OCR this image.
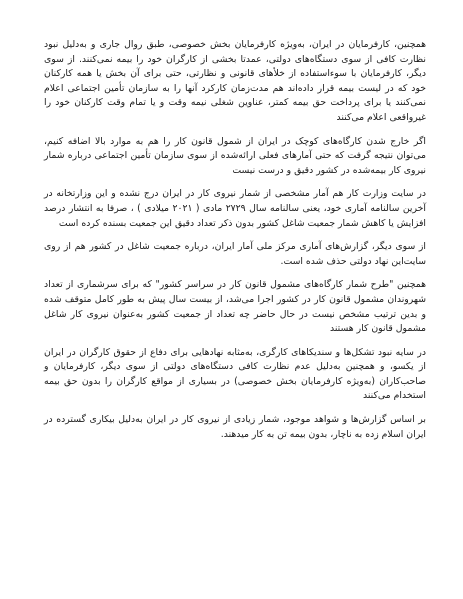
همچنین، کارفرمایان در ایران، به‌ویژه کارفرمایان بخش خصوصی، طبق روال جاری و به‌دلیل نبود نظارت کافی از سوی دستگاه‌های دولتی، عمدتا بخشی از کارگران خود را بیمه نمی‌کنند. از سوی دیگر، کارفرمایان با سوءاستفاده از خلأهای قانونی و نظارتی، حتی برای آن بخش یا همه کارکنان خود که در لیست بیمه قرار داده‌اند هم مدت‌زمان کارکرد آنها را به سازمان تأمین اجتماعی اعلام نمی‌کنند یا برای پرداخت حق بیمه کمتر، عناوین شغلی نیمه وقت و یا تمام وقت کارکنان خود را غیرواقعی اعلام می‌کنند

اگر خارج شدن کارگاه‌های کوچک در ایران از شمول قانون کار را هم به موارد بالا اضافه کنیم، می‌توان نتیجه گرفت که حتی آمارهای فعلی ارائه‌شده از سوی سازمان تأمین اجتماعی درباره شمار نیروی کار بیمه‌شده در کشور دقیق و درست نیست

در سایت وزارت کار هم آمار مشخصی از شمار نیروی کار در ایران درج نشده و این وزارتخانه در آخرین سالنامه آماری خود، یعنی سالنامه سال ۲۷۲۹ ماد‌ی ( ۲۰۲۱ میلادی ) ، صرفا به انتشار درصد افزایش یا کاهش شمار جمعیت شاغل کشور بدون ذکر تعداد دقیق این جمعیت بسنده کرده است

از سوی دیگر، گزارش‌های آماری مرکز ملی آمار ایران، درباره جمعیت شاغل در کشور هم از روی سایت‌این نهاد دولتی حذف شده است.

همچنین "طرح شمار کارگاه‌های مشمول قانون کار در سراسر کشور" که برای سرشماری از تعداد شهروندان مشمول قانون کار در کشور اجرا می‌شد، از بیست سال پیش به طور کامل متوقف شده و بدین ترتیب مشخص نیست در حال حاضر چه تعداد از جمعیت کشور به‌عنوان نیروی کار شاغل مشمول قانون کار هستند

در سایه نبود تشکل‌ها و سندیکاهای کارگری، به‌مثابه نهادهایی برای دفاع از حقوق کارگران در ایران از یکسو، و همچنین به‌دلیل عدم نظارت کافی دستگاه‌های دولتی از سوی دیگر، کارفرمایان و صاحب‌کاران (به‌ویژه کارفرمایان بخش خصوصی) در بسیاری از مواقع کارگران را بدون حق بیمه استخدام می‌کنند

بر اساس گزارش‌ها و شواهد موجود، شمار زیادی از نیروی کار در ایران به‌دلیل بیکاری گسترده در ایران اسلام زده به ناچار، بدون بیمه تن به کار میدهند.
